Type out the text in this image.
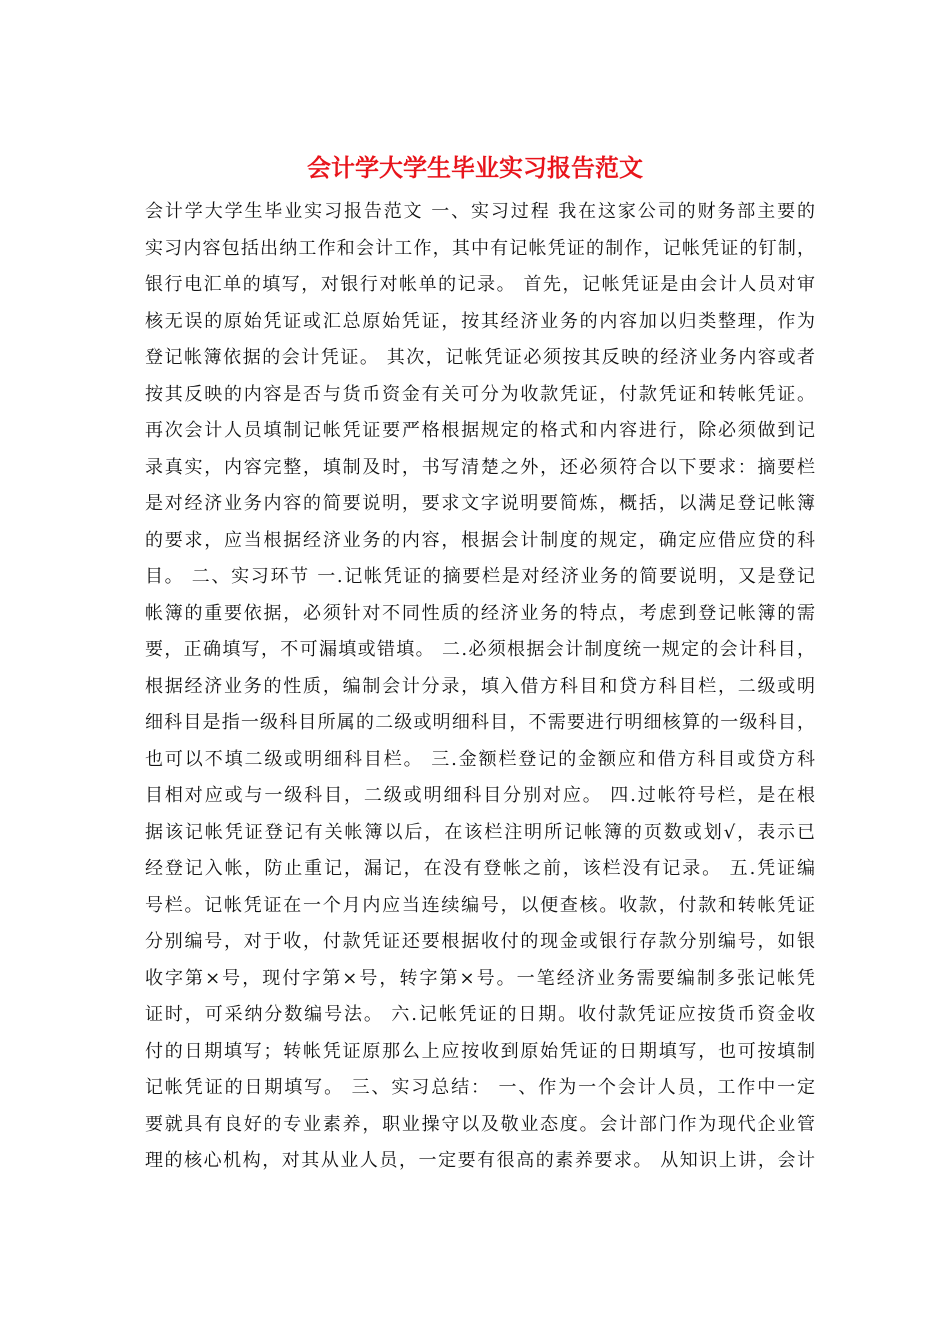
会计学大学生毕业实习报告范文
会计学大学生毕业实习报告范文 一、实习过程 我在这家公司的财务部主要的
实习内容包括出纳工作和会计工作，其中有记帐凭证的制作，记帐凭证的钉制，
银行电汇单的填写，对银行对帐单的记录。 首先，记帐凭证是由会计人员对审
核无误的原始凭证或汇总原始凭证，按其经济业务的内容加以归类整理，作为
登记帐簿依据的会计凭证。 其次，记帐凭证必须按其反映的经济业务内容或者
按其反映的内容是否与货币资金有关可分为收款凭证，付款凭证和转帐凭证。
再次会计人员填制记帐凭证要严格根据规定的格式和内容进行，除必须做到记
录真实，内容完整，填制及时，书写清楚之外，还必须符合以下要求：摘要栏
是对经济业务内容的简要说明，要求文字说明要简炼，概括，以满足登记帐簿
的要求，应当根据经济业务的内容，根据会计制度的规定，确定应借应贷的科
目。 二、实习环节 一.记帐凭证的摘要栏是对经济业务的简要说明，又是登记
帐簿的重要依据，必须针对不同性质的经济业务的特点，考虑到登记帐簿的需
要，正确填写，不可漏填或错填。 二.必须根据会计制度统一规定的会计科目，
根据经济业务的性质，编制会计分录，填入借方科目和贷方科目栏，二级或明
细科目是指一级科目所属的二级或明细科目，不需要进行明细核算的一级科目，
也可以不填二级或明细科目栏。 三.金额栏登记的金额应和借方科目或贷方科
目相对应或与一级科目，二级或明细科目分别对应。 四.过帐符号栏，是在根
据该记帐凭证登记有关帐簿以后，在该栏注明所记帐簿的页数或划√，表示已
经登记入帐，防止重记，漏记，在没有登帐之前，该栏没有记录。 五.凭证编
号栏。记帐凭证在一个月内应当连续编号，以便查核。收款，付款和转帐凭证
分别编号，对于收，付款凭证还要根据收付的现金或银行存款分别编号，如银
收字第×号，现付字第×号，转字第×号。一笔经济业务需要编制多张记帐凭
证时，可采纳分数编号法。 六.记帐凭证的日期。收付款凭证应按货币资金收
付的日期填写；转帐凭证原那么上应按收到原始凭证的日期填写，也可按填制
记帐凭证的日期填写。 三、实习总结： 一、作为一个会计人员，工作中一定
要就具有良好的专业素养，职业操守以及敬业态度。会计部门作为现代企业管
理的核心机构，对其从业人员，一定要有很高的素养要求。 从知识上讲，会计
